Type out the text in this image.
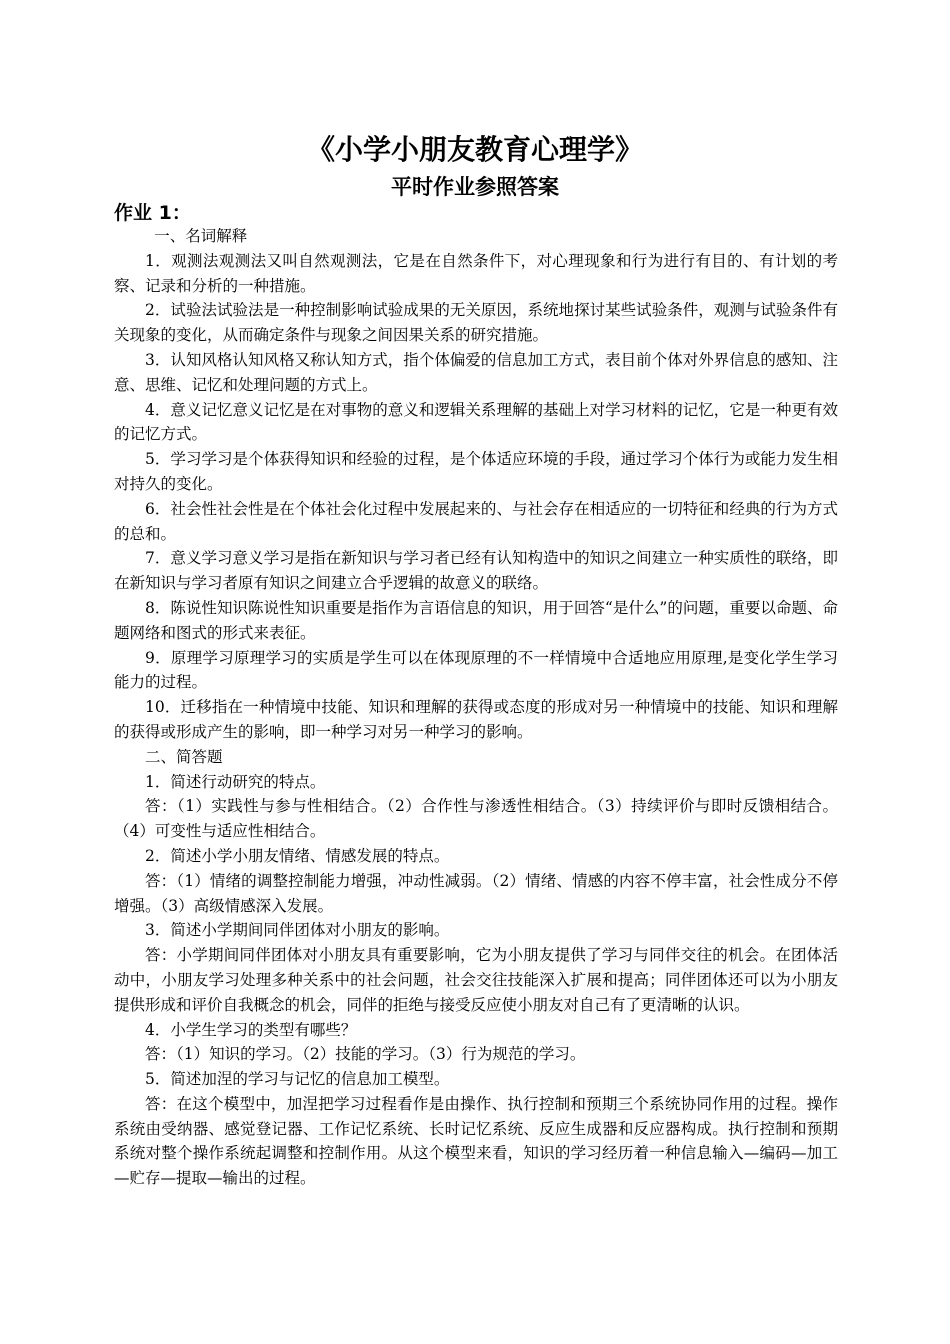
《小学小朋友教育心理学》
平时作业参照答案
作业 1：

一、名词解释

1．观测法观测法又叫自然观测法，它是在自然条件下，对心理现象和行为进行有目的、有计划的考察、记录和分析的一种措施。

2．试验法试验法是一种控制影响试验成果的无关原因，系统地探讨某些试验条件，观测与试验条件有关现象的变化，从而确定条件与现象之间因果关系的研究措施。

3．认知风格认知风格又称认知方式，指个体偏爱的信息加工方式，表目前个体对外界信息的感知、注意、思维、记忆和处理问题的方式上。

4．意义记忆意义记忆是在对事物的意义和逻辑关系理解的基础上对学习材料的记忆，它是一种更有效的记忆方式。

5．学习学习是个体获得知识和经验的过程，是个体适应环境的手段，通过学习个体行为或能力发生相对持久的变化。

6．社会性社会性是在个体社会化过程中发展起来的、与社会存在相适应的一切特征和经典的行为方式的总和。

7．意义学习意义学习是指在新知识与学习者已经有认知构造中的知识之间建立一种实质性的联络，即在新知识与学习者原有知识之间建立合乎逻辑的故意义的联络。

8．陈说性知识陈说性知识重要是指作为言语信息的知识，用于回答“是什么”的问题，重要以命题、命题网络和图式的形式来表征。

9．原理学习原理学习的实质是学生可以在体现原理的不一样情境中合适地应用原理,是变化学生学习能力的过程。

10．迁移指在一种情境中技能、知识和理解的获得或态度的形成对另一种情境中的技能、知识和理解的获得或形成产生的影响，即一种学习对另一种学习的影响。

二、简答题

1．简述行动研究的特点。

答：（1）实践性与参与性相结合。（2）合作性与渗透性相结合。（3）持续评价与即时反馈相结合。（4）可变性与适应性相结合。

2．简述小学小朋友情绪、情感发展的特点。

答：（1）情绪的调整控制能力增强，冲动性减弱。（2）情绪、情感的内容不停丰富，社会性成分不停增强。（3）高级情感深入发展。

3．简述小学期间同伴团体对小朋友的影响。

答：小学期间同伴团体对小朋友具有重要影响，它为小朋友提供了学习与同伴交往的机会。在团体活动中，小朋友学习处理多种关系中的社会问题，社会交往技能深入扩展和提高；同伴团体还可以为小朋友提供形成和评价自我概念的机会，同伴的拒绝与接受反应使小朋友对自己有了更清晰的认识。

4．小学生学习的类型有哪些？

答：（1）知识的学习。（2）技能的学习。（3）行为规范的学习。

5．简述加涅的学习与记忆的信息加工模型。

答：在这个模型中，加涅把学习过程看作是由操作、执行控制和预期三个系统协同作用的过程。操作系统由受纳器、感觉登记器、工作记忆系统、长时记忆系统、反应生成器和反应器构成。执行控制和预期系统对整个操作系统起调整和控制作用。从这个模型来看，知识的学习经历着一种信息输入—编码—加工—贮存—提取—输出的过程。
